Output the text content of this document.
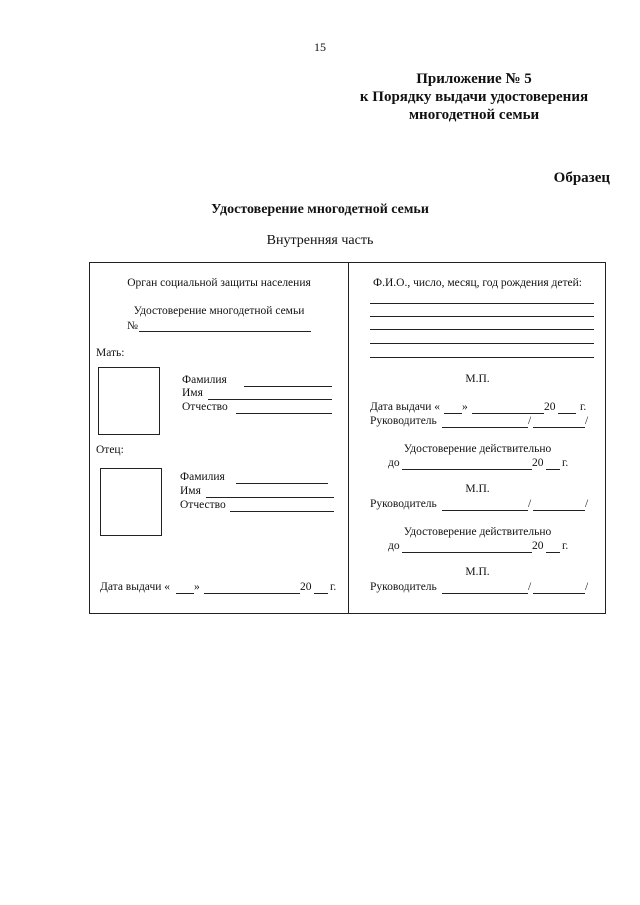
15
Приложение № 5
к Порядку выдачи удостоверения
многодетной семьи
Образец
Удостоверение многодетной семьи
Внутренняя часть
Орган социальной защиты населения
Удостоверение многодетной семьи
№
Мать:
Фамилия
Имя
Отчество
Отец:
Фамилия
Имя
Отчество
Дата выдачи « »	20 г.
Ф.И.О., число, месяц, год рождения детей:
М.П.
Дата выдачи « »	20 г.
Руководитель	/	/
Удостоверение действительно
до	20 г.
М.П.
Руководитель	/	/
Удостоверение действительно
до	20 г.
М.П.
Руководитель	/	/
